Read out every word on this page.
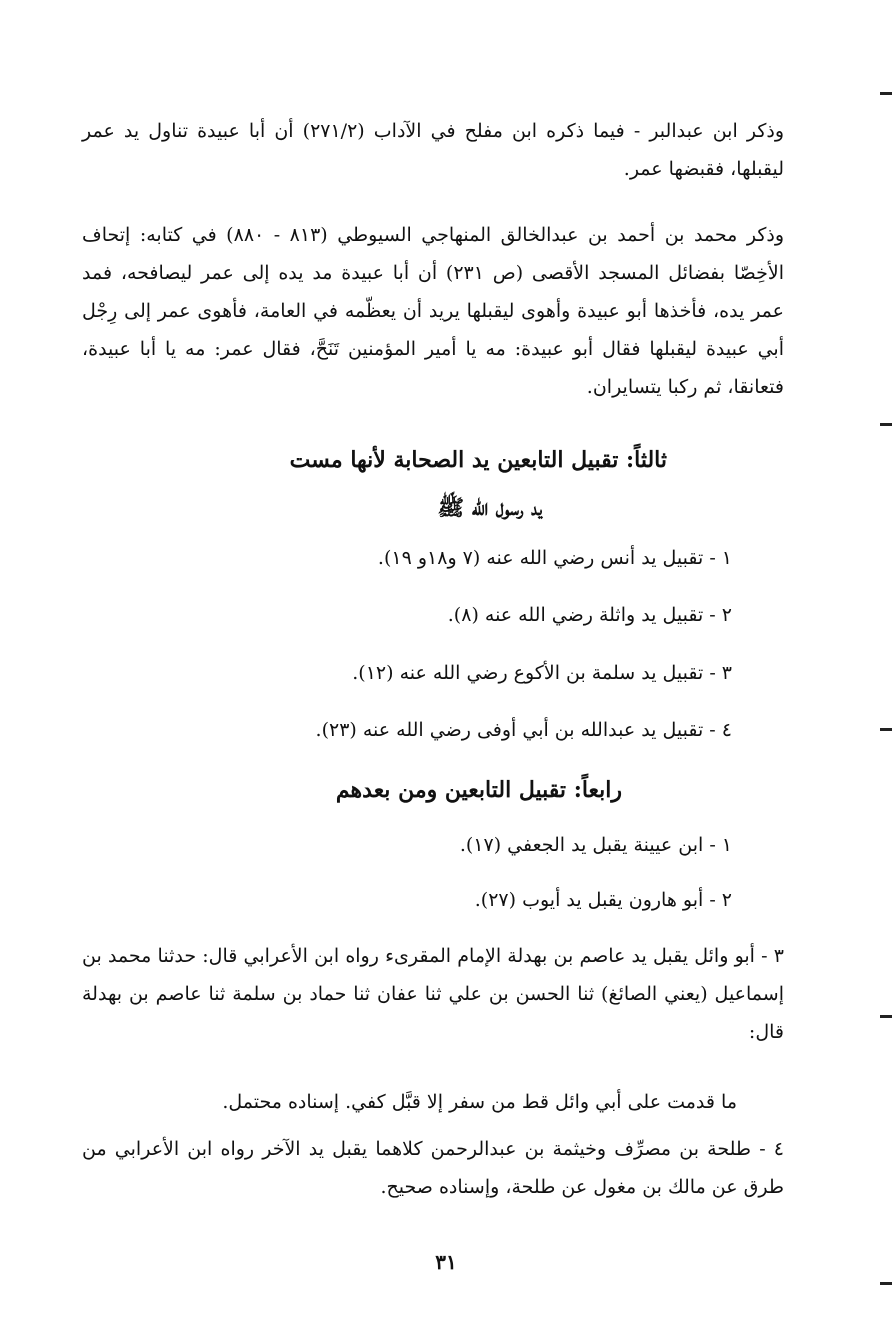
وذكر ابن عبدالبر - فيما ذكره ابن مفلح في الآداب (٢٧١/٢) أن أبا عبيدة تناول يد عمر ليقبلها، فقبضها عمر.

وذكر محمد بن أحمد بن عبدالخالق المنهاجي السيوطي (٨١٣ - ٨٨٠) في كتابه: إتحاف الأخِصّا بفضائل المسجد الأقصى (ص ٢٣١) أن أبا عبيدة مد يده إلى عمر ليصافحه، فمد عمر يده، فأخذها أبو عبيدة وأهوى ليقبلها يريد أن يعظّمه في العامة، فأهوى عمر إلى رِجْل أبي عبيدة ليقبلها فقال أبو عبيدة: مه يا أمير المؤمنين تَنَحَّ، فقال عمر: مه يا أبا عبيدة، فتعانقا، ثم ركبا يتسايران.

ثالثاً: تقبيل التابعين يد الصحابة لأنها مست
يد رسول الله ﷺ
١ - تقبيل يد أنس رضي الله عنه (٧ و١٨و ١٩).
٢ - تقبيل يد واثلة رضي الله عنه (٨).
٣ - تقبيل يد سلمة بن الأكوع رضي الله عنه (١٢).
٤ - تقبيل يد عبدالله بن أبي أوفى رضي الله عنه (٢٣).
رابعاً: تقبيل التابعين ومن بعدهم
١ - ابن عيينة يقبل يد الجعفي (١٧).
٢ - أبو هارون يقبل يد أيوب (٢٧).

٣ - أبو وائل يقبل يد عاصم بن بهدلة الإمام المقرىء رواه ابن الأعرابي قال: حدثنا محمد بن إسماعيل (يعني الصائغ) ثنا الحسن بن علي ثنا عفان ثنا حماد بن سلمة ثنا عاصم بن بهدلة قال:

ما قدمت على أبي وائل قط من سفر إلا قبَّل كفي. إسناده محتمل.

٤ - طلحة بن مصرِّف وخيثمة بن عبدالرحمن كلاهما يقبل يد الآخر رواه ابن الأعرابي من طرق عن مالك بن مغول عن طلحة، وإسناده صحيح.

٣١
